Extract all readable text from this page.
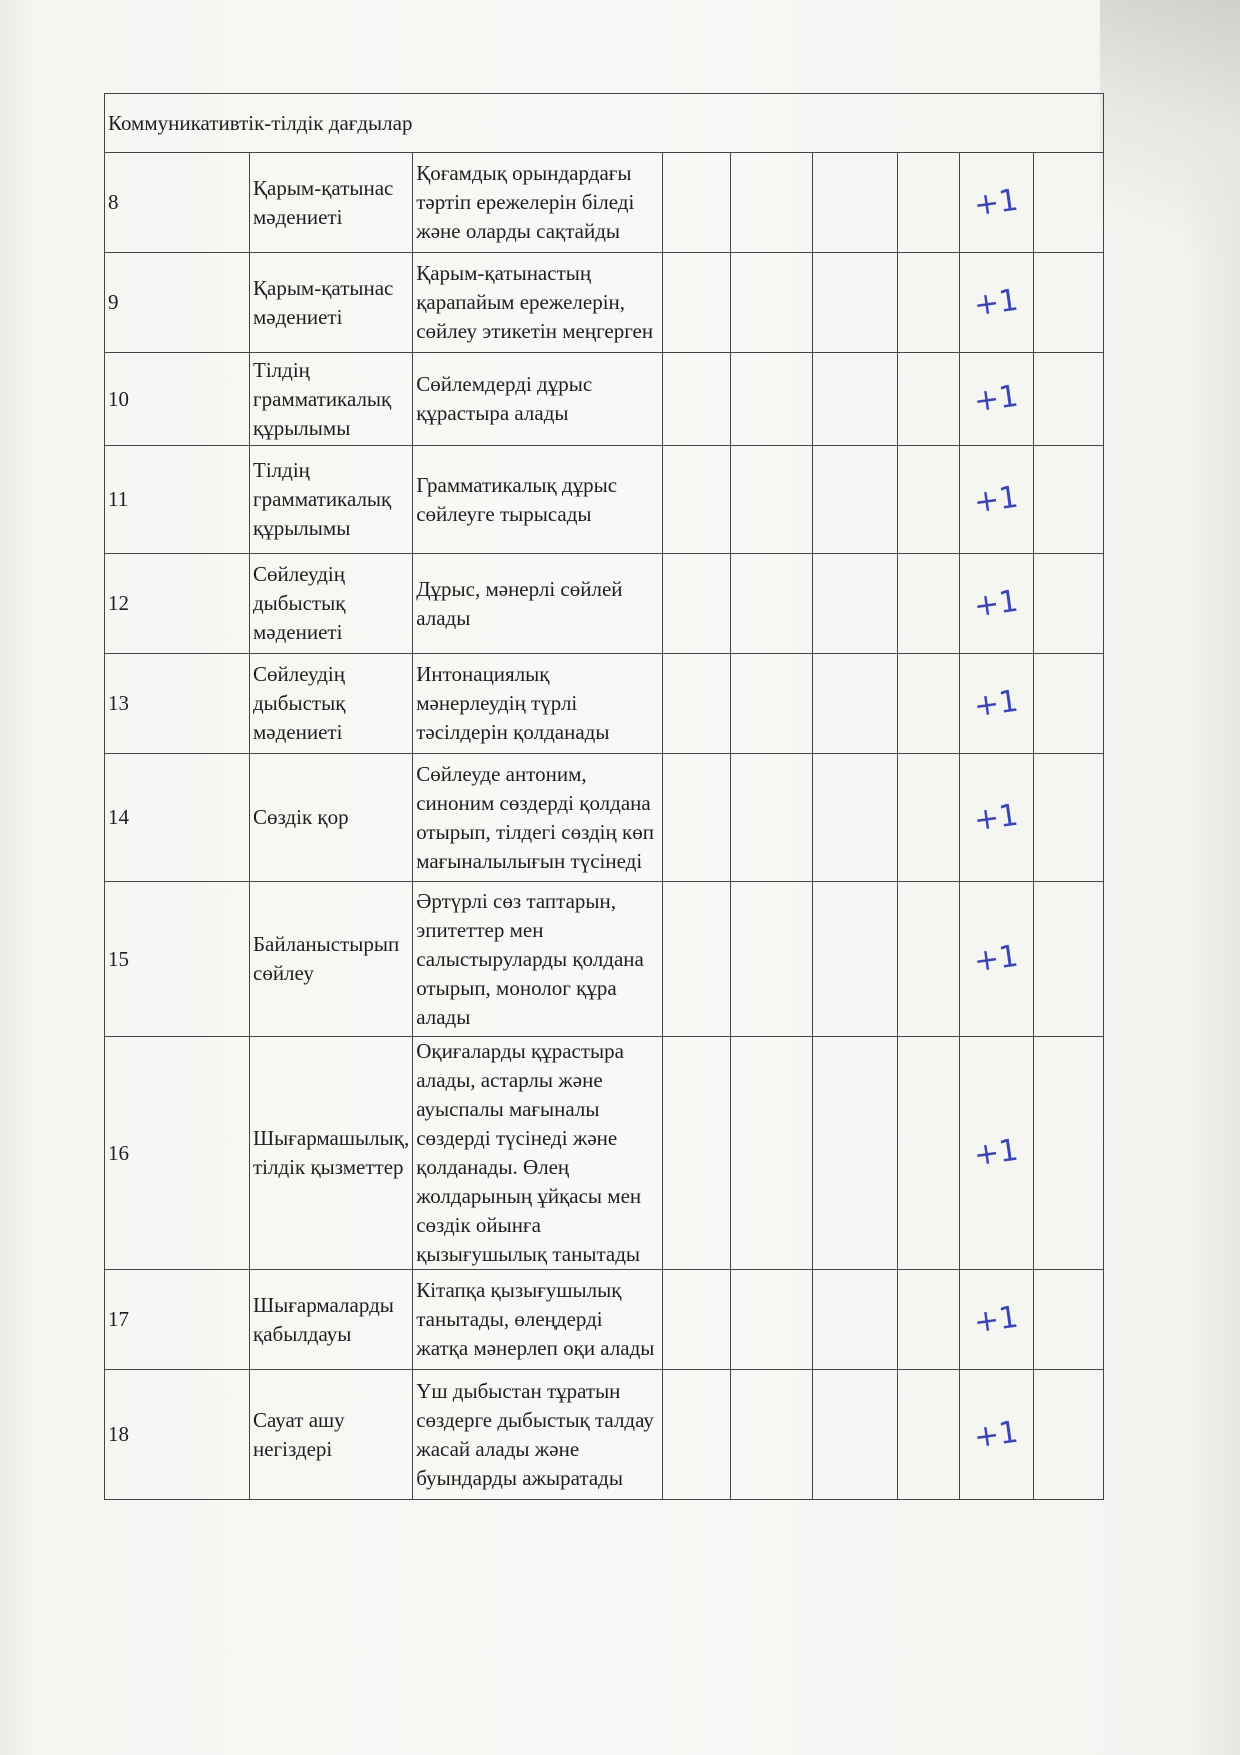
Коммуникативтік-тілдік дағдылар								
8	Қарым-қатынас мәдениеті	Қоғамдық орындардағы тәртіп ережелерін біледі және оларды сақтайды					+1	

9	Қарым-қатынас мәдениеті	Қарым-қатынастың қарапайым ережелерін, сөйлеу этикетін меңгерген					+1	

10	Тілдің грамматикалық құрылымы	Сөйлемдерді дұрыс құрастыра алады					+1	

11	Тілдің грамматикалық құрылымы	Грамматикалық дұрыс сөйлеуге тырысады					+1	

12	Сөйлеудің дыбыстық мәдениеті	Дұрыс, мәнерлі сөйлей алады					+1	

13	Сөйлеудің дыбыстық мәдениеті	Интонациялық мәнерлеудің түрлі тәсілдерін қолданады					+1	

14	Сөздік қор	Сөйлеуде антоним, синоним сөздерді қолдана отырып, тілдегі сөздің көп мағыналылығын түсінеді					+1	

15	Байланыстырып сөйлеу	Әртүрлі сөз таптарын, эпитеттер мен салыстыруларды қолдана отырып, монолог құра алады					+1	

16	Шығармашылық, тілдік қызметтер	Оқиғаларды құрастыра алады, астарлы және ауыспалы мағыналы сөздерді түсінеді және қолданады. Өлең жолдарының ұйқасы мен сөздік ойынға қызығушылық танытады					+1	

17	Шығармаларды қабылдауы	Кітапқа қызығушылық танытады, өлеңдерді жатқа мәнерлеп оқи алады					+1	

18	Сауат ашу негіздері	Үш дыбыстан тұратын сөздерге дыбыстық талдау жасай алады және буындарды ажыратады					+1	
